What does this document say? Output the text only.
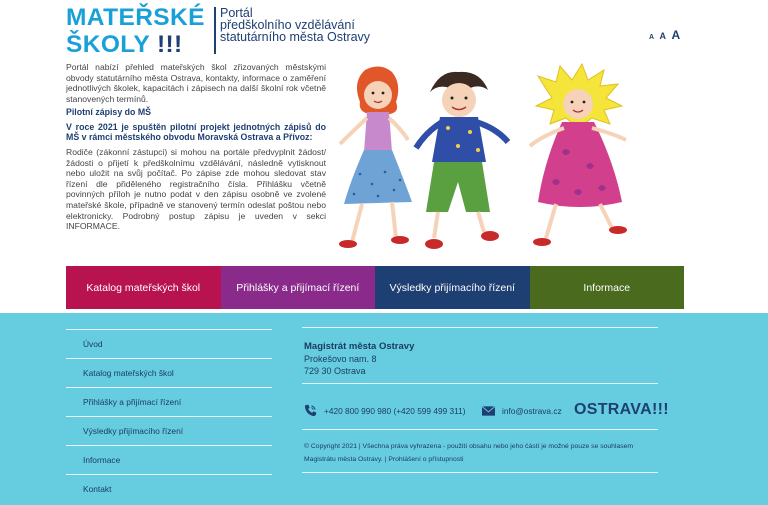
MATEŘSKÉ
ŠKOLY !!!
Portál
předškolního vzdělávání
statutárního města Ostravy	A A A

Portál nabízí přehled mateřských škol zřizovaných městskými obvody statutárního města Ostrava, kontakty, informace o zaměření jednotlivých školek, kapacitách i zápisech na další školní rok včetně stanovených termínů.

Pilotní zápisy do MŠ
V roce 2021 je spuštěn pilotní projekt jednotných zápisů do MŠ v rámci městského obvodu Moravská Ostrava a Přívoz:

Rodiče (zákonní zástupci) si mohou na portále předvyplnit žádost/ žádosti o přijetí k předškolnímu vzdělávání, následně vytisknout nebo uložit na svůj počítač. Po zápise zde mohou sledovat stav řízení dle přiděleného registračního čísla. Přihlášku včetně povinných příloh je nutno podat v den zápisu osobně ve zvolené mateřské škole, případně ve stanovený termín odeslat poštou nebo elektronicky. Podrobný postup zápisu je uveden v sekci INFORMACE.

Katalog mateřských škol	Přihlášky a přijímací řízení	Výsledky přijímacího řízení	Informace
Úvod
Katalog mateřských škol
Přihlášky a přijímací řízení
Výsledky přijímacího řízení
Informace
Kontakt
Magistrát města Ostravy
Prokešovo nam. 8
729 30 Ostrava
+420 800 990 980 (+420 599 499 311)	info@ostrava.cz OSTRAVA!!!
© Copyright 2021 | Všechna práva vyhrazena - použití obsahu nebo jeho částí je možné pouze se souhlasem
Magistrátu města Ostravy. | Prohlášení o přístupnosti
